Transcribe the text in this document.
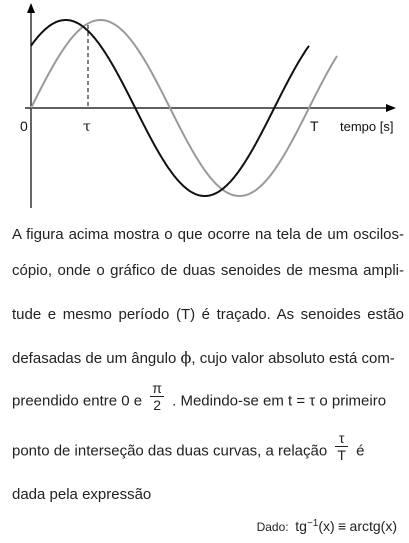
0	τ	T tempo [s]
A figura acima mostra o que ocorre na tela de um oscilos-
cópio, onde o gráfico de duas senoides de mesma ampli-
tude e mesmo período (T) é traçado. As senoides estão
defasadas de um ângulo ϕ, cujo valor absoluto está com-
preendido entre 0 e $\frac{\pi}{2}$ . Medindo-se em t = τ o primeiro
ponto de interseção das duas curvas, a relação $\frac{\tau}{T}$ é
dada pela expressão
Dado: $tg^{-1}(x)$ ≡ arctg(x)
